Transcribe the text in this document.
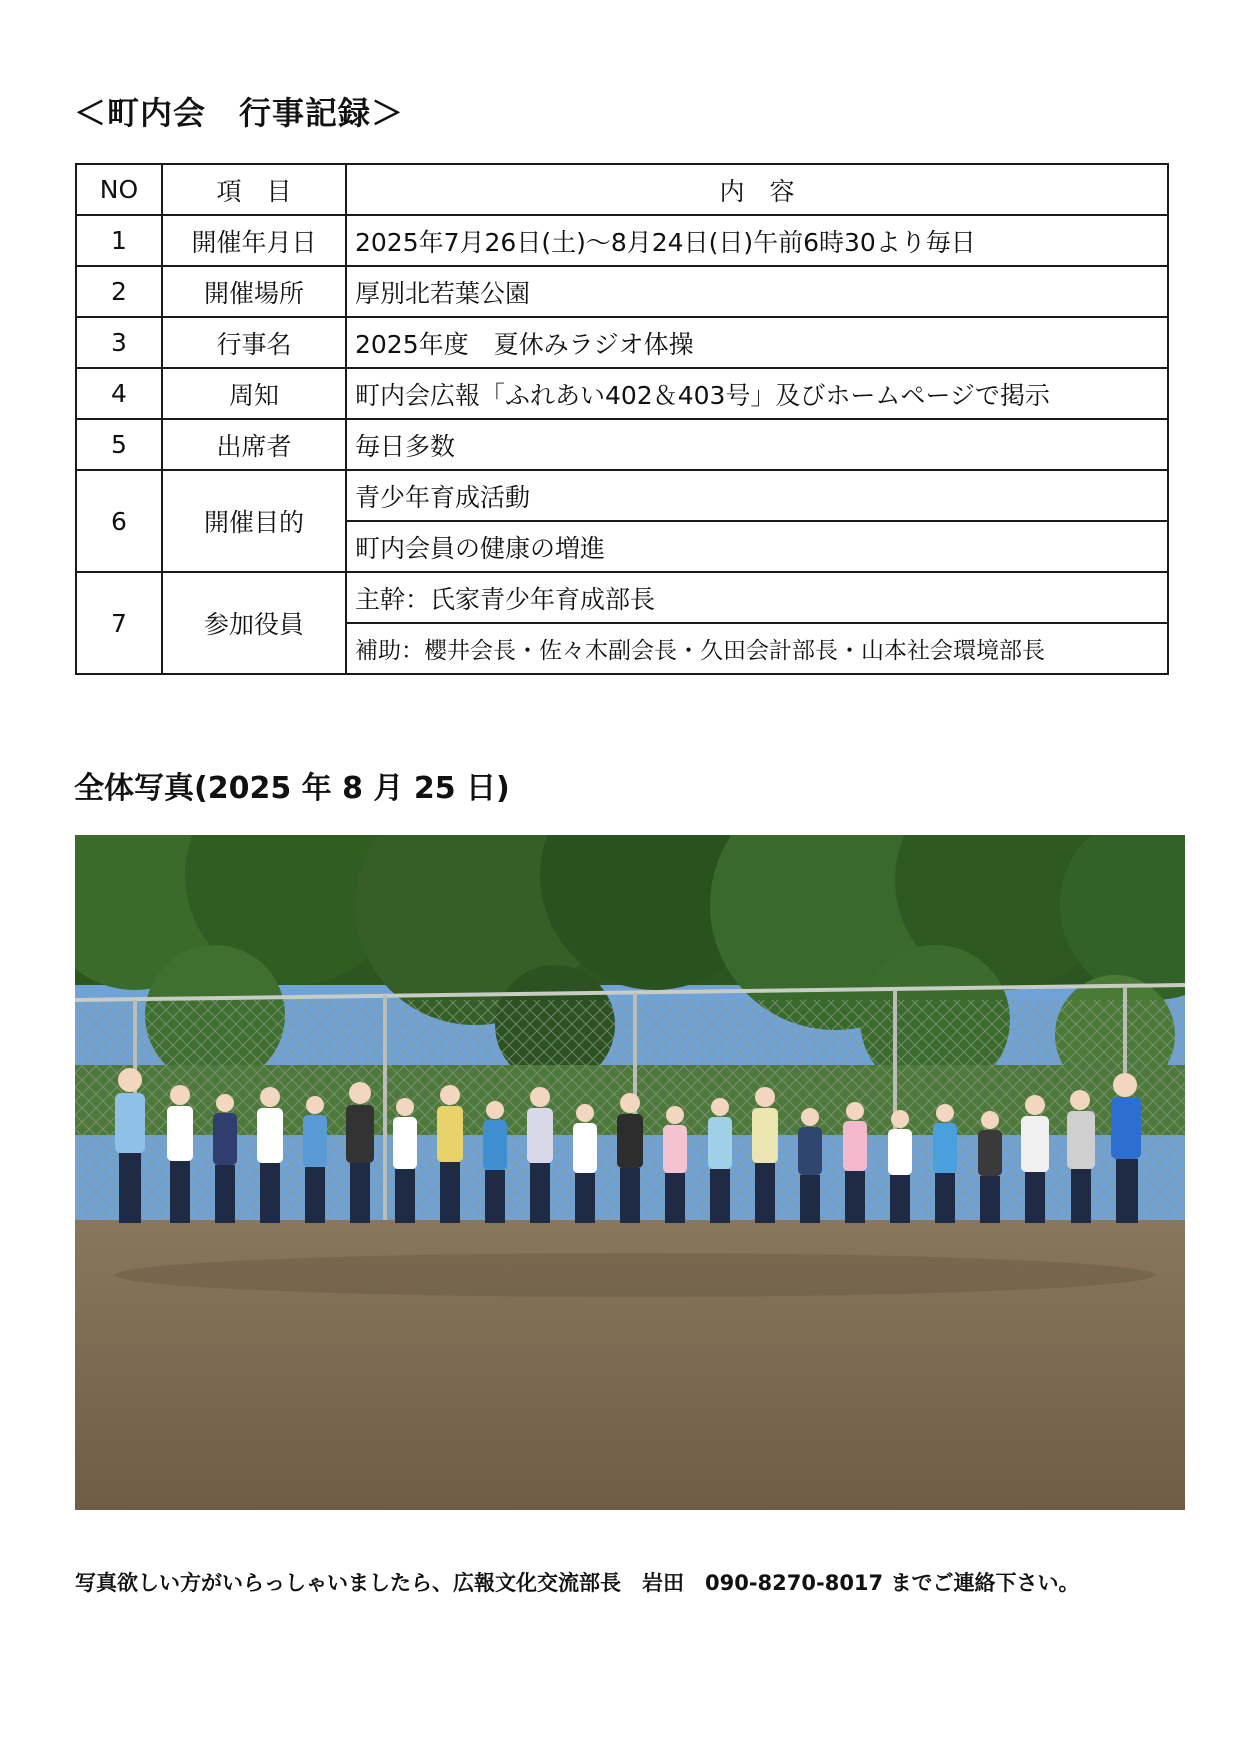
＜町内会　行事記録＞
NO	項　目	内　容
1	開催年月日	2025年7月26日(土)～8月24日(日)午前6時30より毎日
2	開催場所	厚別北若葉公園
3	行事名	2025年度　夏休みラジオ体操
4	周知	町内会広報「ふれあい402＆403号」及びホームページで掲示
5	出席者	毎日多数
6	開催目的	青少年育成活動
		町内会員の健康の増進
7	参加役員	主幹：氏家青少年育成部長
		補助：櫻井会長・佐々木副会長・久田会計部長・山本社会環境部長
全体写真(2025 年 8 月 25 日)
写真欲しい方がいらっしゃいましたら、広報文化交流部長　岩田　090-8270-8017 までご連絡下さい。
